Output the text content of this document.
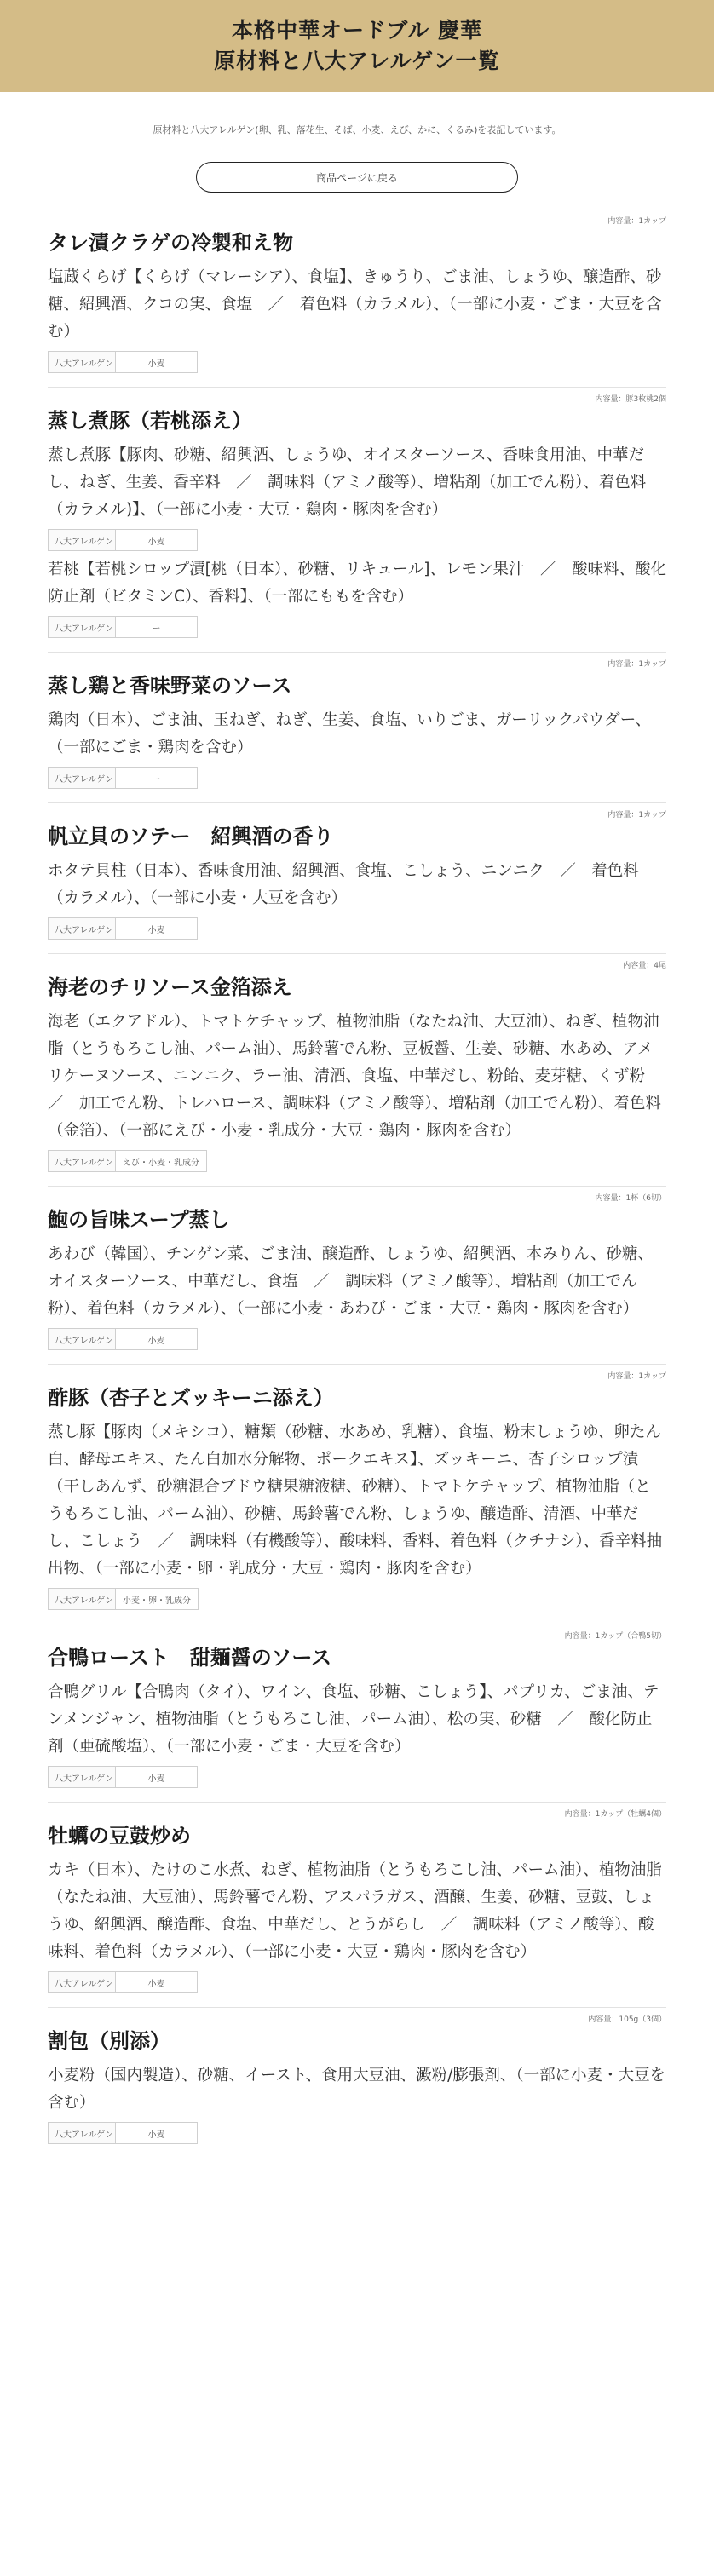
本格中華オードブル 慶華
原材料と八大アレルゲン一覧
原材料と八大アレルゲン(卵、乳、落花生、そば、小麦、えび、かに、くるみ)を表記しています。
商品ページに戻る
内容量：1カップ
タレ漬クラゲの冷製和え物

塩蔵くらげ【くらげ（マレーシア）、食塩】、きゅうり、ごま油、しょうゆ、醸造酢、砂糖、紹興酒、クコの実、食塩　／　着色料（カラメル）、（一部に小麦・ごま・大豆を含む）

八大アレルゲン	小麦
内容量：豚3枚桃2個
蒸し煮豚（若桃添え）

蒸し煮豚【豚肉、砂糖、紹興酒、しょうゆ、オイスターソース、香味食用油、中華だし、ねぎ、生姜、香辛料　／　調味料（アミノ酸等）、増粘剤（加工でん粉）、着色料（カラメル)】、（一部に小麦・大豆・鶏肉・豚肉を含む）

八大アレルゲン	小麦

若桃【若桃シロップ漬[桃（日本）、砂糖、リキュール]、レモン果汁　／　酸味料、酸化防止剤（ビタミンC）、香料】、（一部にももを含む）

八大アレルゲン	ー
内容量：1カップ
蒸し鶏と香味野菜のソース

鶏肉（日本）、ごま油、玉ねぎ、ねぎ、生姜、食塩、いりごま、ガーリックパウダー、（一部にごま・鶏肉を含む）

八大アレルゲン	ー
内容量：1カップ
帆立貝のソテー　紹興酒の香り

ホタテ貝柱（日本）、香味食用油、紹興酒、食塩、こしょう、ニンニク　／　着色料（カラメル）、（一部に小麦・大豆を含む）

八大アレルゲン	小麦
内容量：4尾
海老のチリソース金箔添え

海老（エクアドル）、トマトケチャップ、植物油脂（なたね油、大豆油）、ねぎ、植物油脂（とうもろこし油、パーム油）、馬鈴薯でん粉、豆板醤、生姜、砂糖、水あめ、アメリケーヌソース、ニンニク、ラー油、清酒、食塩、中華だし、粉飴、麦芽糖、くず粉　／　加工でん粉、トレハロース、調味料（アミノ酸等）、増粘剤（加工でん粉）、着色料（金箔）、（一部にえび・小麦・乳成分・大豆・鶏肉・豚肉を含む）

八大アレルゲン	えび・小麦・乳成分
内容量：1杯（6切）
鮑の旨味スープ蒸し

あわび（韓国）、チンゲン菜、ごま油、醸造酢、しょうゆ、紹興酒、本みりん、砂糖、オイスターソース、中華だし、食塩　／　調味料（アミノ酸等）、増粘剤（加工でん粉）、着色料（カラメル）、（一部に小麦・あわび・ごま・大豆・鶏肉・豚肉を含む）

八大アレルゲン	小麦
内容量：1カップ
酢豚（杏子とズッキーニ添え）

蒸し豚【豚肉（メキシコ）、糖類（砂糖、水あめ、乳糖）、食塩、粉末しょうゆ、卵たん白、酵母エキス、たん白加水分解物、ポークエキス】、ズッキーニ、杏子シロップ漬（干しあんず、砂糖混合ブドウ糖果糖液糖、砂糖）、トマトケチャップ、植物油脂（とうもろこし油、パーム油）、砂糖、馬鈴薯でん粉、しょうゆ、醸造酢、清酒、中華だし、こしょう　／　調味料（有機酸等）、酸味料、香料、着色料（クチナシ）、香辛料抽出物、（一部に小麦・卵・乳成分・大豆・鶏肉・豚肉を含む）

八大アレルゲン	小麦・卵・乳成分
内容量：1カップ（合鴨5切）
合鴨ロースト　甜麺醤のソース

合鴨グリル【合鴨肉（タイ）、ワイン、食塩、砂糖、こしょう】、パプリカ、ごま油、テンメンジャン、植物油脂（とうもろこし油、パーム油）、松の実、砂糖　／　酸化防止剤（亜硫酸塩）、（一部に小麦・ごま・大豆を含む）

八大アレルゲン	小麦
内容量：1カップ（牡蠣4個）
牡蠣の豆鼓炒め

カキ（日本）、たけのこ水煮、ねぎ、植物油脂（とうもろこし油、パーム油）、植物油脂（なたね油、大豆油）、馬鈴薯でん粉、アスパラガス、酒醸、生姜、砂糖、豆鼓、しょうゆ、紹興酒、醸造酢、食塩、中華だし、とうがらし　／　調味料（アミノ酸等）、酸味料、着色料（カラメル）、（一部に小麦・大豆・鶏肉・豚肉を含む）

八大アレルゲン	小麦
内容量：105g（3個）
割包（別添）

小麦粉（国内製造）、砂糖、イースト、食用大豆油、澱粉/膨張剤、（一部に小麦・大豆を含む）

八大アレルゲン	小麦
